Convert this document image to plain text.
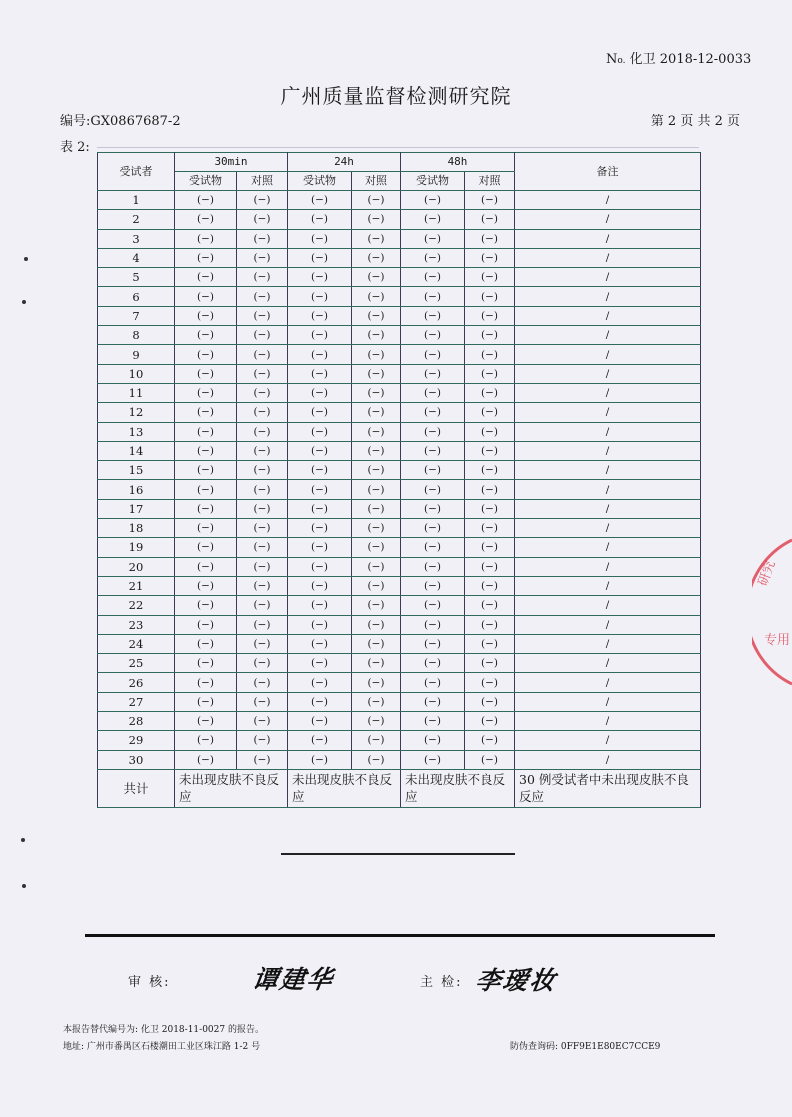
No. 化卫 2018-12-0033
广州质量监督检测研究院
编号:GX0867687-2	第 2 页 共 2 页
表 2:
受试者	30min		24h		48h		备注
	受试物	对照	受试物	对照	受试物	对照	
1	(−)	(−)	(−)	(−)	(−)	(−)	/
2	(−)	(−)	(−)	(−)	(−)	(−)	/
3	(−)	(−)	(−)	(−)	(−)	(−)	/
4	(−)	(−)	(−)	(−)	(−)	(−)	/
5	(−)	(−)	(−)	(−)	(−)	(−)	/
6	(−)	(−)	(−)	(−)	(−)	(−)	/
7	(−)	(−)	(−)	(−)	(−)	(−)	/
8	(−)	(−)	(−)	(−)	(−)	(−)	/
9	(−)	(−)	(−)	(−)	(−)	(−)	/
10	(−)	(−)	(−)	(−)	(−)	(−)	/
11	(−)	(−)	(−)	(−)	(−)	(−)	/
12	(−)	(−)	(−)	(−)	(−)	(−)	/
13	(−)	(−)	(−)	(−)	(−)	(−)	/
14	(−)	(−)	(−)	(−)	(−)	(−)	/
15	(−)	(−)	(−)	(−)	(−)	(−)	/
16	(−)	(−)	(−)	(−)	(−)	(−)	/
17	(−)	(−)	(−)	(−)	(−)	(−)	/
18	(−)	(−)	(−)	(−)	(−)	(−)	/
19	(−)	(−)	(−)	(−)	(−)	(−)	/
20	(−)	(−)	(−)	(−)	(−)	(−)	/
21	(−)	(−)	(−)	(−)	(−)	(−)	/
22	(−)	(−)	(−)	(−)	(−)	(−)	/
23	(−)	(−)	(−)	(−)	(−)	(−)	/
24	(−)	(−)	(−)	(−)	(−)	(−)	/
25	(−)	(−)	(−)	(−)	(−)	(−)	/
26	(−)	(−)	(−)	(−)	(−)	(−)	/
27	(−)	(−)	(−)	(−)	(−)	(−)	/
28	(−)	(−)	(−)	(−)	(−)	(−)	/
29	(−)	(−)	(−)	(−)	(−)	(−)	/
30	(−)	(−)	(−)	(−)	(−)	(−)	/
共计	未出现皮肤不良反应		未出现皮肤不良反应		未出现皮肤不良反应		30 例受试者中未出现皮肤不良反应
审 核:	谭建华	主 检: 李瑷妆
本报告替代编号为: 化卫 2018-11-0027 的报告。
地址: 广州市番禺区石楼潮田工业区珠江路 1-2 号	防伪查询码: 0FF9E1E80EC7CCE9
研究
专用
